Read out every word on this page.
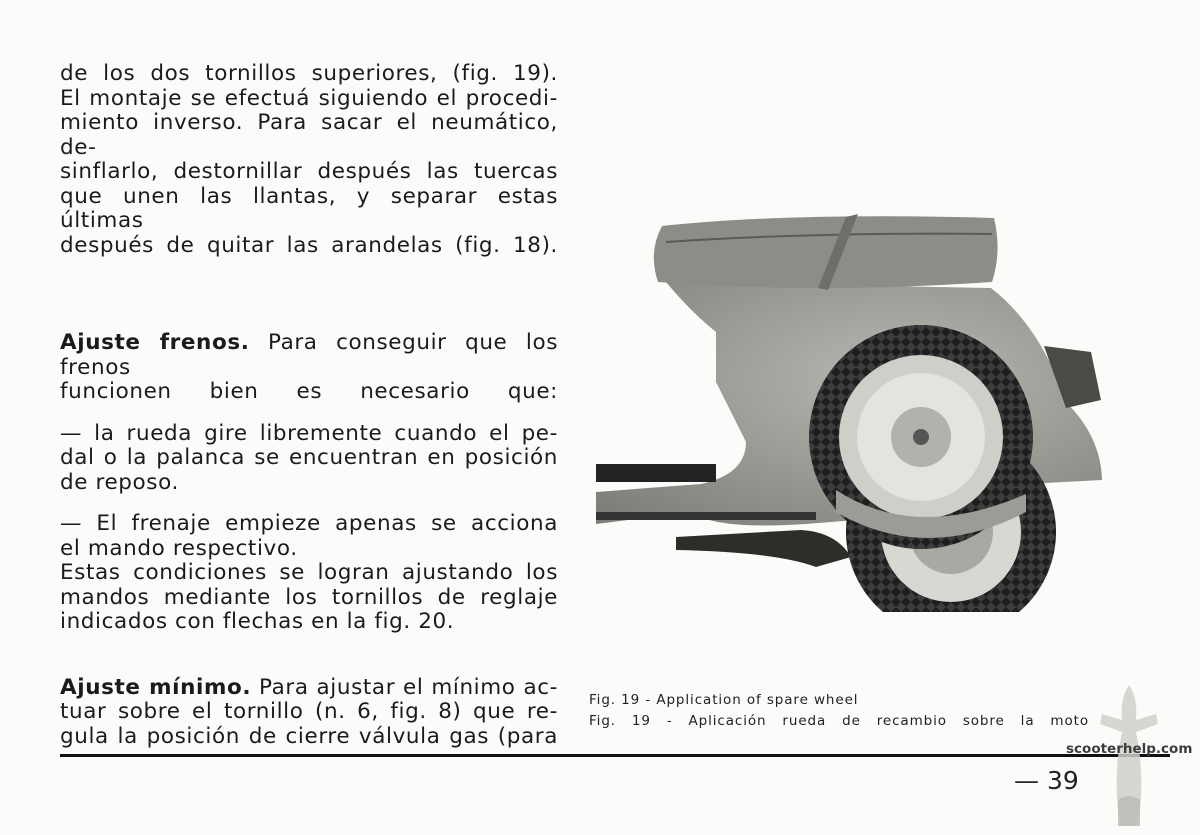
de los dos tornillos superiores, (fig. 19).
El montaje se efectuá siguiendo el procedi-
miento inverso. Para sacar el neumático, de-
sinflarlo, destornillar después las tuercas
que unen las llantas, y separar estas últimas
después de quitar las arandelas (fig. 18).
Ajuste frenos. Para conseguir que los frenos
funcionen bien es necesario que:
— la rueda gire libremente cuando el pe-
dal o la palanca se encuentran en posición
de reposo.
— El frenaje empieze apenas se acciona
el mando respectivo.
Estas condiciones se logran ajustando los
mandos mediante los tornillos de reglaje
indicados con flechas en la fig. 20.
Ajuste mínimo. Para ajustar el mínimo ac-
tuar sobre el tornillo (n. 6, fig. 8) que re-
gula la posición de cierre válvula gas (para
Fig. 19 - Application of spare wheel
Fig. 19 - Aplicación rueda de recambio sobre la moto
scooterhelp.com
— 39
